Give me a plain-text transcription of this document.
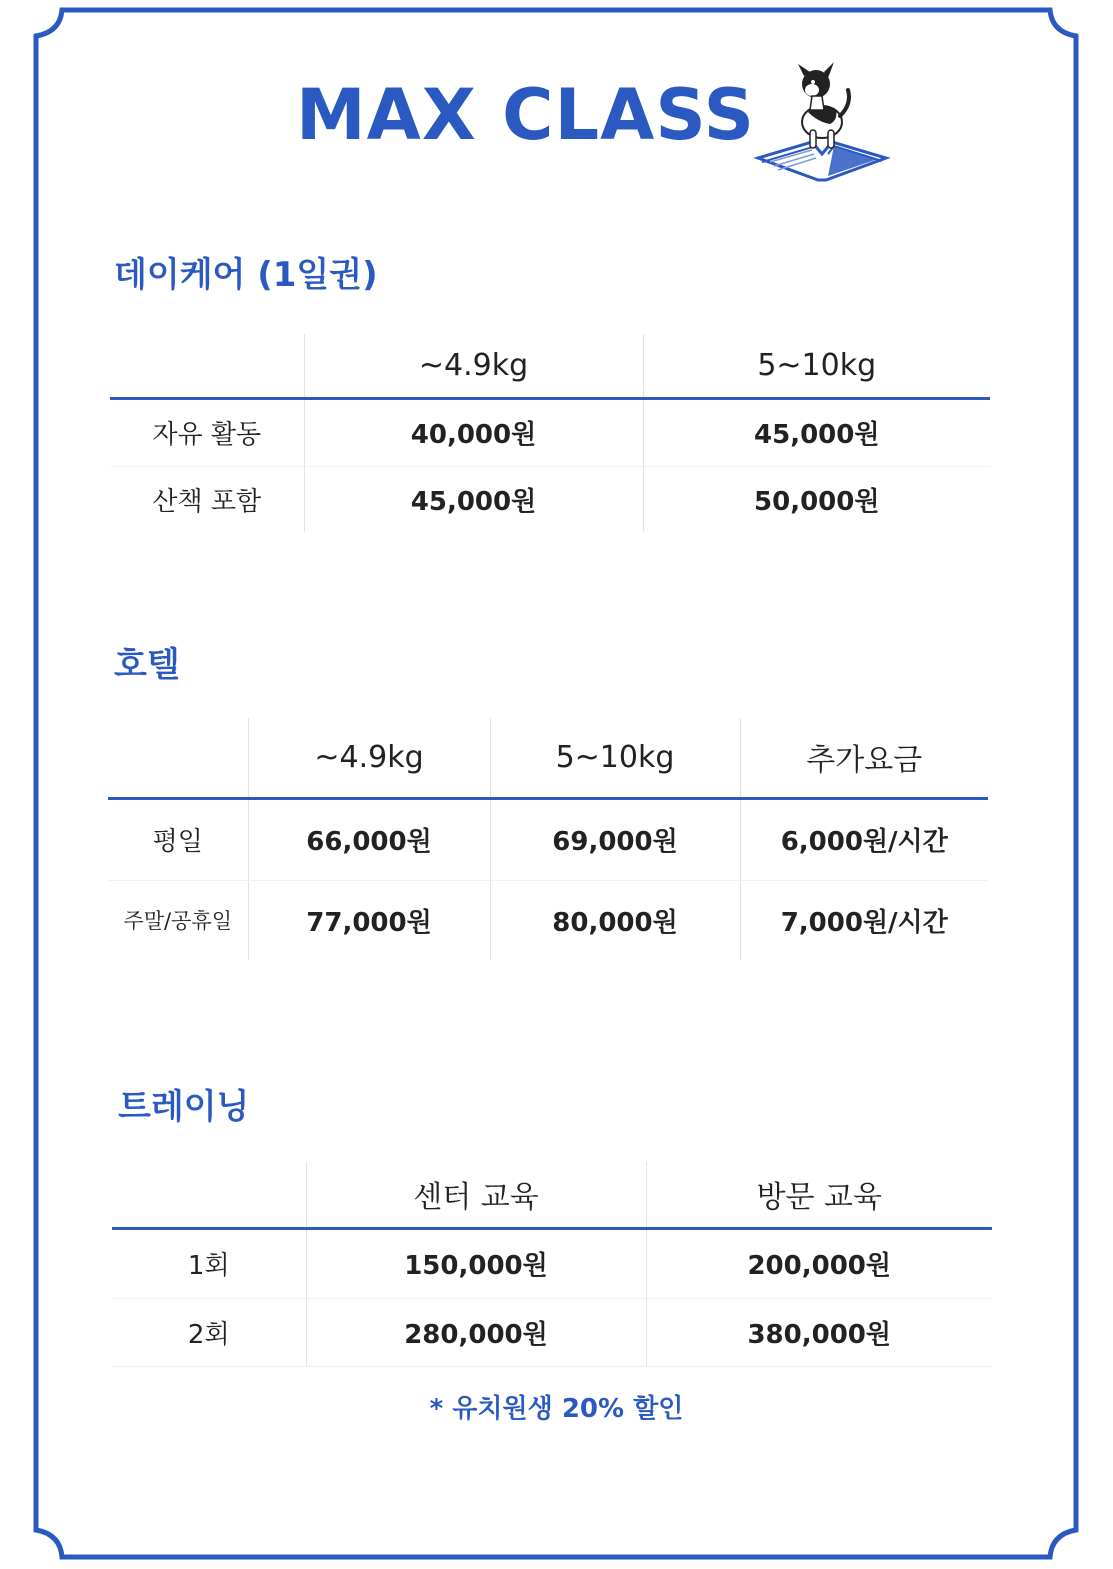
MAX CLASS
데이케어 (1일권)
	~4.9kg	5~10kg
자유 활동	40,000원	45,000원
산책 포함	45,000원	50,000원
호텔
	~4.9kg	5~10kg	추가요금
평일	66,000원	69,000원	6,000원/시간
주말/공휴일	77,000원	80,000원	7,000원/시간
트레이닝
	센터 교육	방문 교육
1회	150,000원	200,000원
2회	280,000원	380,000원
* 유치원생 20% 할인
